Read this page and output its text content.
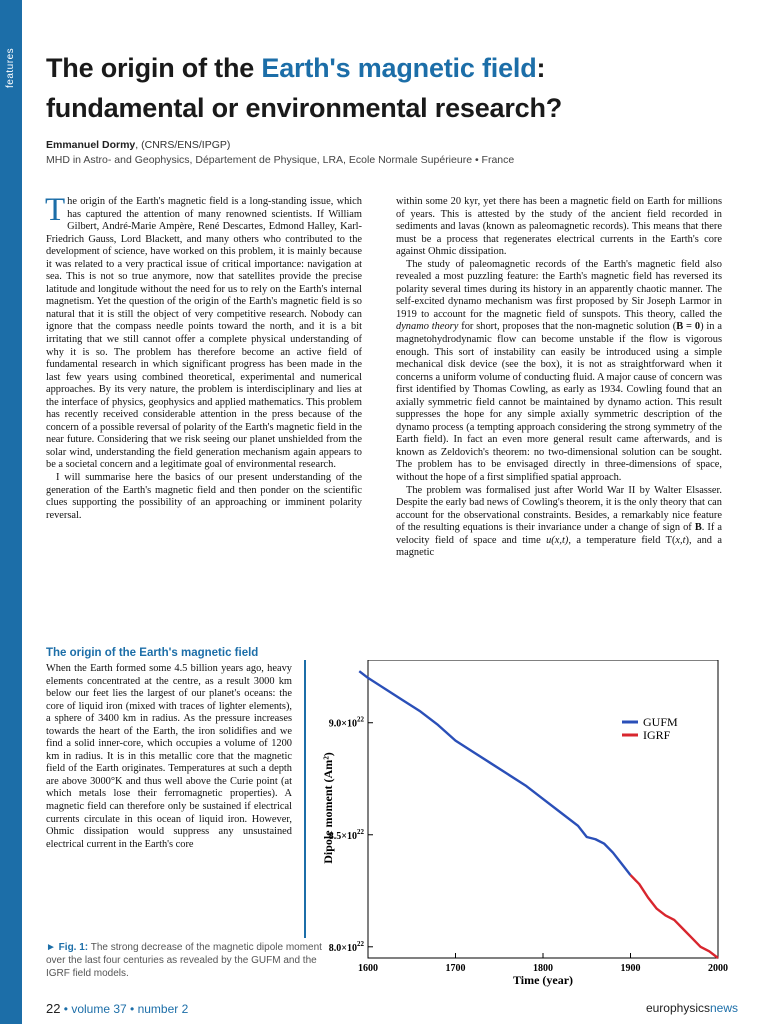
features The origin of the Earth's magnetic field:
fundamental or environmental research?
Emmanuel Dormy, (CNRS/ENS/IPGP)
MHD in Astro- and Geophysics, Département de Physique, LRA, Ecole Normale Supérieure • France

The origin of the Earth's magnetic field is a long-standing issue, which has captured the attention of many renowned scientists. If William Gilbert, André-Marie Ampère, René Descartes, Edmond Halley, Karl-Friedrich Gauss, Lord Blackett, and many others who contributed to the development of science, have worked on this problem, it is mainly because it was related to a very practical issue of critical importance: navigation at sea. This is not so true anymore, now that satellites provide the precise latitude and longitude without the need for us to rely on the Earth's internal magnetism. Yet the question of the origin of the Earth's magnetic field is so natural that it is still the object of very competitive research. Nobody can ignore that the compass needle points toward the north, and it is a bit irritating that we still cannot offer a complete physical understanding of why it is so. The problem has therefore become an active field of fundamental research in which significant progress has been made in the last few years using combined theoretical, experimental and numerical approaches. By its very nature, the problem is interdisciplinary and lies at the interface of physics, geophysics and applied mathematics. This problem has recently received considerable attention in the press because of the concern of a possible reversal of polarity of the Earth's magnetic field in the near future. Considering that we risk seeing our planet unshielded from the solar wind, understanding the field generation mechanism again appears to be a societal concern and a legitimate goal of environmental research.

I will summarise here the basics of our present understanding of the generation of the Earth's magnetic field and then ponder on the scientific clues supporting the possibility of an approaching or imminent polarity reversal.

The origin of the Earth's magnetic field

When the Earth formed some 4.5 billion years ago, heavy elements concentrated at the centre, as a result 3000 km below our feet lies the largest of our planet's oceans: the core of liquid iron (mixed with traces of lighter elements), a sphere of 3400 km in radius. As the pressure increases towards the heart of the Earth, the iron solidifies and we find a solid inner-core, which occupies a volume of 1200 km in radius. It is in this metallic core that the magnetic field of the Earth originates. Temperatures at such a depth are above 3000°K and thus well above the Curie point (at which metals lose their ferromagnetic properties). A magnetic field can therefore only be sustained if electrical currents circulate in this ocean of liquid iron. However, Ohmic dissipation would suppress any unsustained electrical current in the Earth's core

within some 20 kyr, yet there has been a magnetic field on Earth for millions of years. This is attested by the study of the ancient field recorded in sediments and lavas (known as paleomagnetic records). This means that there must be a process that regenerates electrical currents in the Earth's core against Ohmic dissipation.

The study of paleomagnetic records of the Earth's magnetic field also revealed a most puzzling feature: the Earth's magnetic field has reversed its polarity several times during its history in an apparently chaotic manner. The self-excited dynamo mechanism was first proposed by Sir Joseph Larmor in 1919 to account for the magnetic field of sunspots. This theory, called the dynamo theory for short, proposes that the non-magnetic solution (B = 0) in a magnetohydrodynamic flow can become unstable if the flow is vigorous enough. This sort of instability can easily be introduced using a simple mechanical disk device (see the box), it is not as straightforward when it concerns a uniform volume of conducting fluid. A major cause of concern was first identified by Thomas Cowling, as early as 1934. Cowling found that an axially symmetric field cannot be maintained by dynamo action. This result suppresses the hope for any simple axially symmetric description of the dynamo process (a tempting approach considering the strong symmetry of the Earth field). In fact an even more general result came afterwards, and is known as Zeldovich's theorem: no two-dimensional solution can be sought. The problem has to be envisaged directly in three-dimensions of space, without the hope of a first simplified spatial approach.

The problem was formalised just after World War II by Walter Elsasser. Despite the early bad news of Cowling's theorem, it is the only theory that can account for the observational constraints. Besides, a remarkably nice feature of the resulting equations is their invariance under a change of sign of B. If a velocity field of space and time u(x,t), a temperature field T(x,t), and a magnetic

1600	1700	1800	1900	2000
$8.0\times 10^{22}$
$8.5\times 10^{22}$
$9.0\times 10^{22}$
Dipole moment (Am²)
Time (year)
GUFM
IGRF
► Fig. 1: The strong decrease of the magnetic dipole moment over the last four centuries as revealed by the GUFM and the IGRF field models.
22 • volume 37 • number 2	europhysicsnews
